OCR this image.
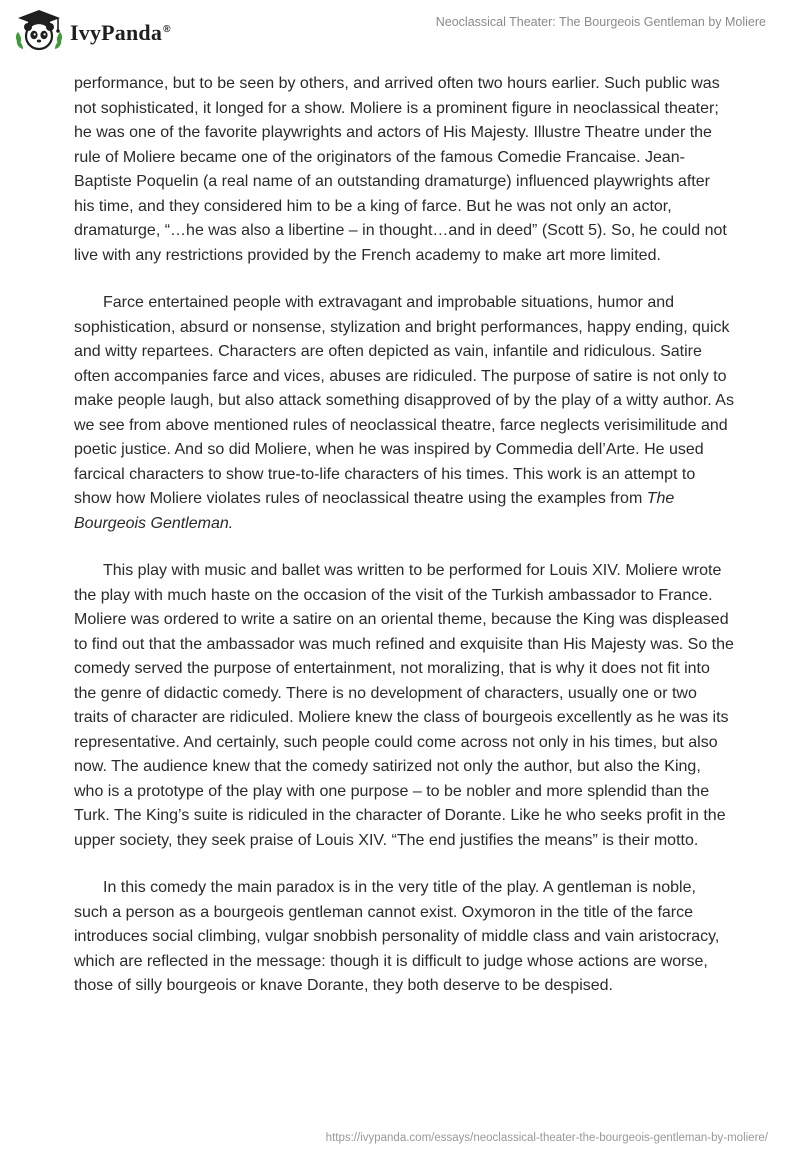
IvyPanda®
Neoclassical Theater: The Bourgeois Gentleman by Moliere

performance, but to be seen by others, and arrived often two hours earlier. Such public was not sophisticated, it longed for a show. Moliere is a prominent figure in neoclassical theater; he was one of the favorite playwrights and actors of His Majesty. Illustre Theatre under the rule of Moliere became one of the originators of the famous Comedie Francaise. Jean-Baptiste Poquelin (a real name of an outstanding dramaturge) influenced playwrights after his time, and they considered him to be a king of farce. But he was not only an actor, dramaturge, “…he was also a libertine – in thought…and in deed” (Scott 5). So, he could not live with any restrictions provided by the French academy to make art more limited.

Farce entertained people with extravagant and improbable situations, humor and sophistication, absurd or nonsense, stylization and bright performances, happy ending, quick and witty repartees. Characters are often depicted as vain, infantile and ridiculous. Satire often accompanies farce and vices, abuses are ridiculed. The purpose of satire is not only to make people laugh, but also attack something disapproved of by the play of a witty author. As we see from above mentioned rules of neoclassical theatre, farce neglects verisimilitude and poetic justice. And so did Moliere, when he was inspired by Commedia dell’Arte. He used farcical characters to show true-to-life characters of his times. This work is an attempt to show how Moliere violates rules of neoclassical theatre using the examples from The Bourgeois Gentleman.

This play with music and ballet was written to be performed for Louis XIV. Moliere wrote the play with much haste on the occasion of the visit of the Turkish ambassador to France. Moliere was ordered to write a satire on an oriental theme, because the King was displeased to find out that the ambassador was much refined and exquisite than His Majesty was. So the comedy served the purpose of entertainment, not moralizing, that is why it does not fit into the genre of didactic comedy. There is no development of characters, usually one or two traits of character are ridiculed. Moliere knew the class of bourgeois excellently as he was its representative. And certainly, such people could come across not only in his times, but also now. The audience knew that the comedy satirized not only the author, but also the King, who is a prototype of the play with one purpose – to be nobler and more splendid than the Turk. The King’s suite is ridiculed in the character of Dorante. Like he who seeks profit in the upper society, they seek praise of Louis XIV. “The end justifies the means” is their motto.

In this comedy the main paradox is in the very title of the play. A gentleman is noble, such a person as a bourgeois gentleman cannot exist. Oxymoron in the title of the farce introduces social climbing, vulgar snobbish personality of middle class and vain aristocracy, which are reflected in the message: though it is difficult to judge whose actions are worse, those of silly bourgeois or knave Dorante, they both deserve to be despised.

https://ivypanda.com/essays/neoclassical-theater-the-bourgeois-gentleman-by-moliere/
